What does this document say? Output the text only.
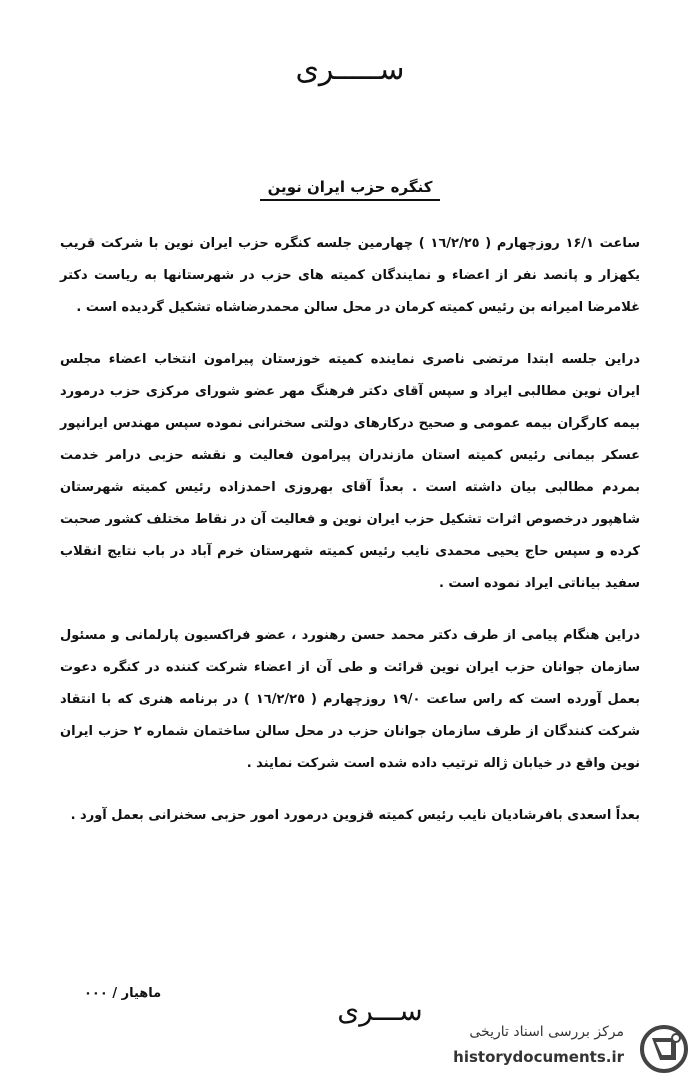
ســـــری
کنگره حزب ایران نوین

ساعت ۱۶/۱ روزچهارم ( ۱٦/٢/٢٥ ) چهارمین جلسه کنگره حزب ایران نوین با شرکت قریب یکهزار و پانصد نفر از اعضاء و نمایندگان کمیته های حزب در شهرستانها به ریاست دکتر غلامرضا امیرانه بن رئیس کمیته کرمان در محل سالن محمدرضاشاه تشکیل گردیده است .

دراین جلسه ابتدا مرتضی ناصری نماینده کمیته خوزستان پیرامون انتخاب اعضاء مجلس ایران نوین مطالبی ایراد و سپس آقای دکتر فرهنگ مهر عضو شورای مرکزی حزب درمورد بیمه کارگران بیمه عمومی و صحیح درکارهای دولتی سخنرانی نموده سپس مهندس ایرانپور عسکر بیمانی رئیس کمیته استان مازندران پیرامون فعالیت و نقشه حزبی درامر خدمت بمردم مطالبی بیان داشته است . بعداً آقای بهروزی احمدزاده رئیس کمیته شهرستان شاهپور درخصوص اثرات تشکیل حزب ایران نوین و فعالیت آن در نقاط مختلف کشور صحبت کرده و سپس حاج یحیی محمدی نایب رئیس کمیته شهرستان خرم آباد در باب نتایج انقلاب سفید بیاناتی ایراد نموده است .

دراین هنگام پیامی از طرف دکتر محمد حسن رهنورد ، عضو فراکسیون پارلمانی و مسئول سازمان جوانان حزب ایران نوین قرائت و طی آن از اعضاء شرکت کننده در کنگره دعوت بعمل آورده است که راس ساعت ۱۹/۰ روزچهارم ( ۱٦/٢/٢٥ ) در برنامه هنری که با انتقاد شرکت کنندگان از طرف سازمان جوانان حزب در محل سالن ساختمان شماره ۲ حزب ایران نوین واقع در خیابان ژاله ترتیب داده شده است شرکت نمایند .

بعداً اسعدی بافرشادیان نایب رئیس کمیته قزوین درمورد امور حزبی سخنرانی بعمل آورد .

ماهیار / ۰۰۰
ســـری
مرکز بررسی اسناد تاریخی
historydocuments.ir
